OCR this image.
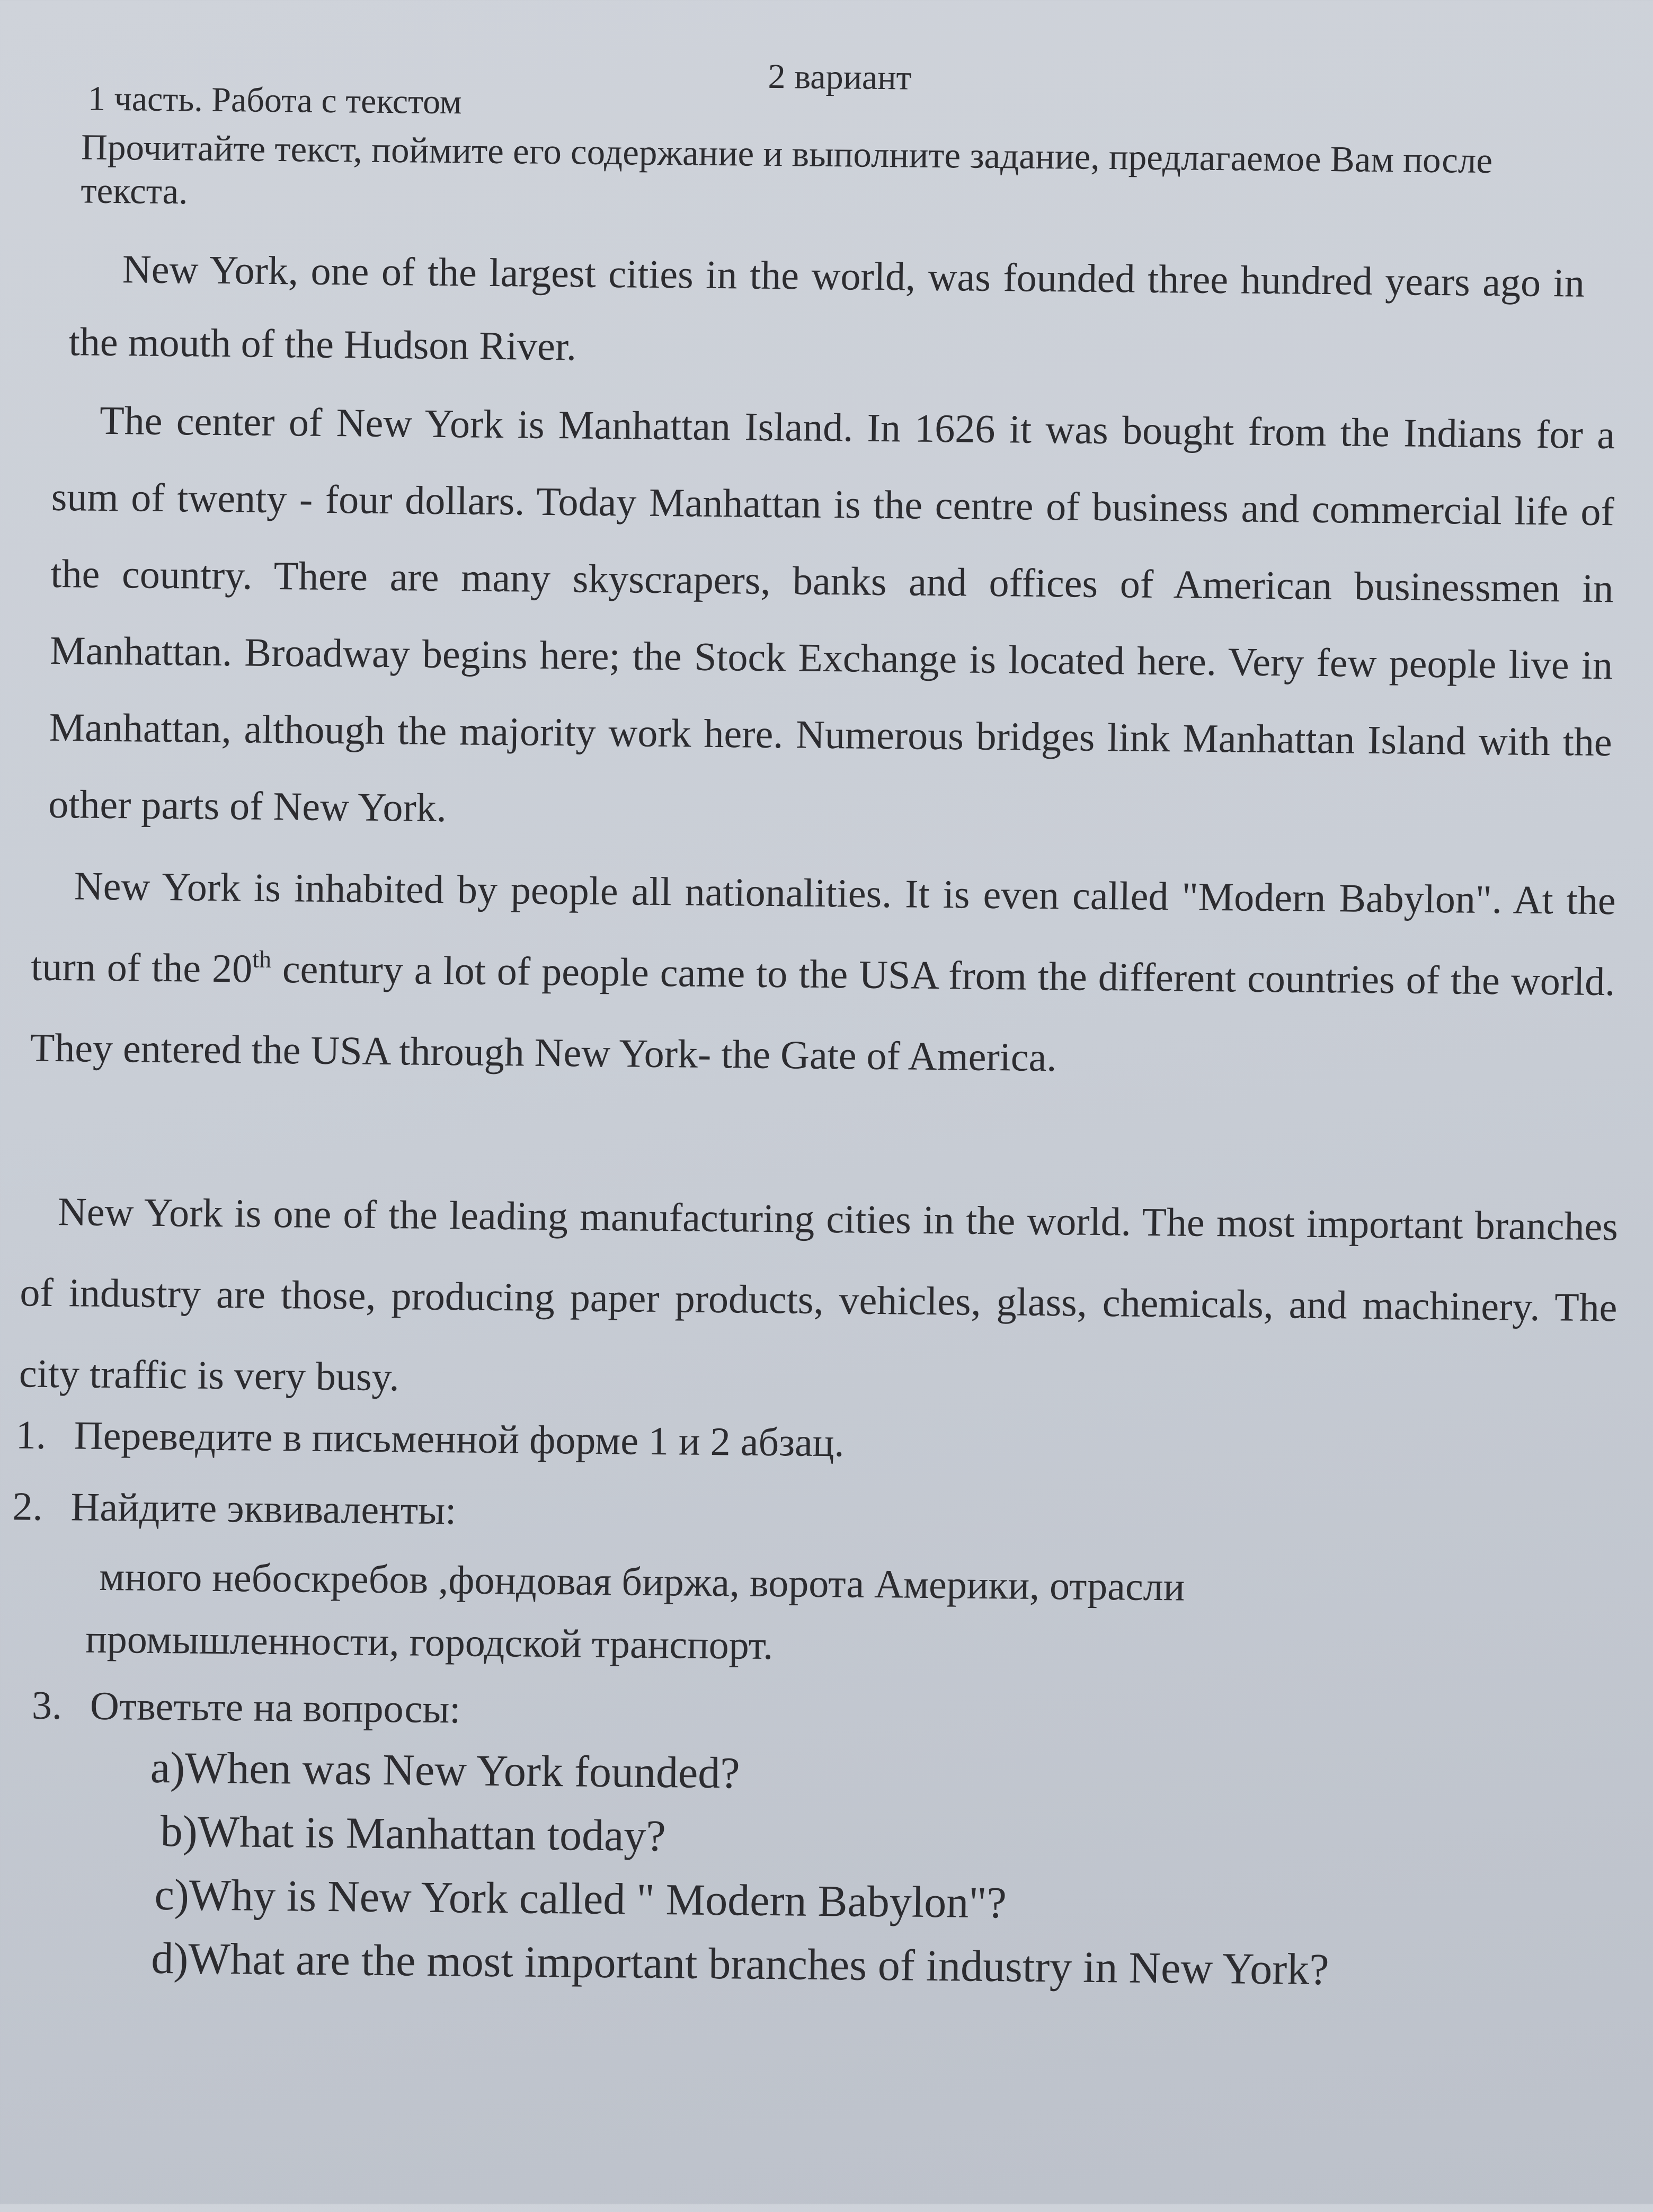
2 вариант
1 часть. Работа с текстом
Прочитайте текст, поймите его содержание и выполните задание, предлагаемое Вам после текста.
New York, one of the largest cities in the world, was founded three hundred years ago in the mouth of the Hudson River.
The center of New York is Manhattan Island. In 1626 it was bought from the Indians for a sum of twenty - four dollars. Today Manhattan is the centre of business and commercial life of the country. There are many skyscrapers, banks and offices of American businessmen in Manhattan. Broadway begins here; the Stock Exchange is located here. Very few people live in Manhattan, although the majority work here. Numerous bridges link Manhattan Island with the other parts of New York.
New York is inhabited by people all nationalities. It is even called "Modern Babylon". At the turn of the 20th century a lot of people came to the USA from the different countries of the world. They entered the USA through New York- the Gate of America.
New York is one of the leading manufacturing cities in the world. The most important branches of industry are those, producing paper products, vehicles, glass, chemicals, and machinery. The city traffic is very busy.
1. Переведите в письменной форме 1 и 2 абзац.
2. Найдите эквиваленты:
много небоскребов ,фондовая биржа, ворота Америки, отрасли
промышленности, городской транспорт.
3. Ответьте на вопросы:
a)When was New York founded?
b)What is Manhattan today?
c)Why is New York called " Modern Babylon"?
d)What are the most important branches of industry in New York?
